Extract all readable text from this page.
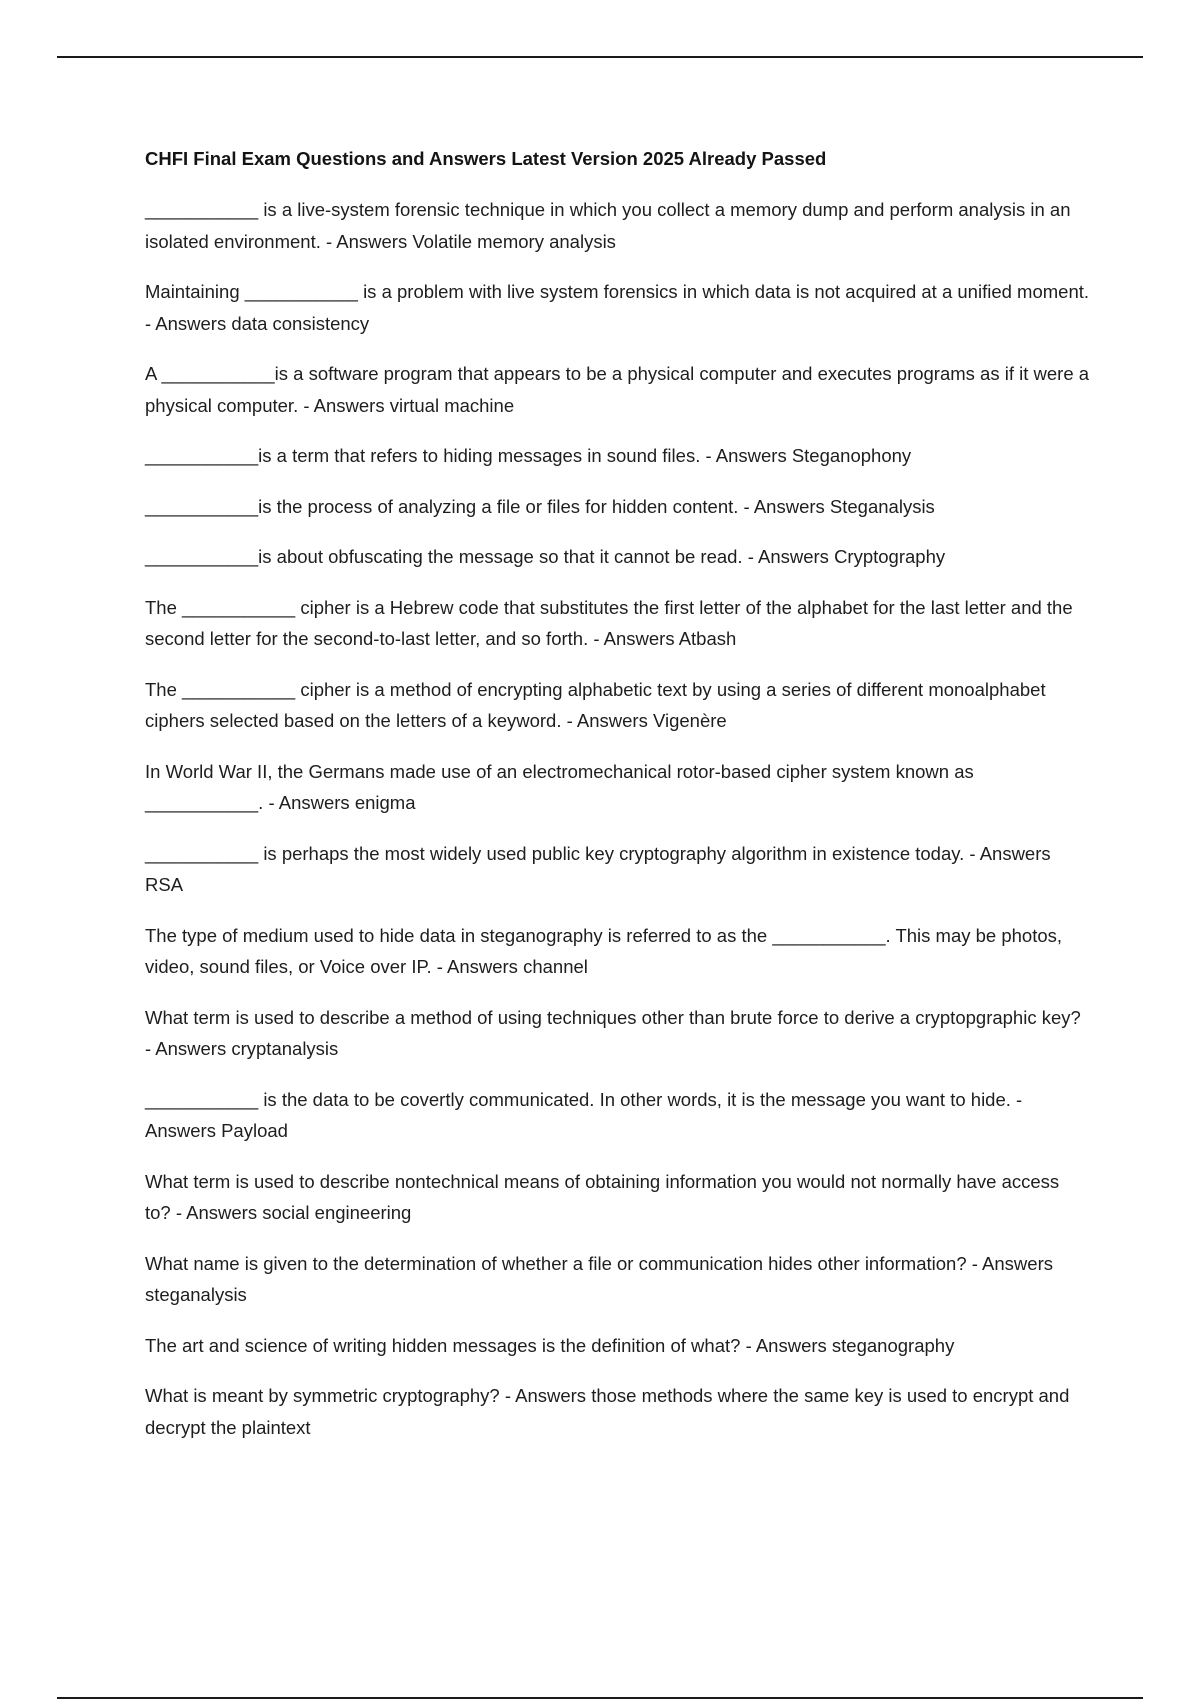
CHFI Final Exam Questions and Answers Latest Version 2025 Already Passed

___________ is a live-system forensic technique in which you collect a memory dump and perform analysis in an isolated environment. - Answers Volatile memory analysis

Maintaining ___________ is a problem with live system forensics in which data is not acquired at a unified moment. - Answers data consistency

A ___________is a software program that appears to be a physical computer and executes programs as if it were a physical computer. - Answers virtual machine

___________is a term that refers to hiding messages in sound files. - Answers Steganophony

___________is the process of analyzing a file or files for hidden content. - Answers Steganalysis

___________is about obfuscating the message so that it cannot be read. - Answers Cryptography

The ___________ cipher is a Hebrew code that substitutes the first letter of the alphabet for the last letter and the second letter for the second-to-last letter, and so forth. - Answers Atbash

The ___________ cipher is a method of encrypting alphabetic text by using a series of different monoalphabet ciphers selected based on the letters of a keyword. - Answers Vigenère

In World War II, the Germans made use of an electromechanical rotor-based cipher system known as ___________. - Answers enigma

___________ is perhaps the most widely used public key cryptography algorithm in existence today. - Answers RSA

The type of medium used to hide data in steganography is referred to as the ___________. This may be photos, video, sound files, or Voice over IP. - Answers channel

What term is used to describe a method of using techniques other than brute force to derive a cryptopgraphic key? - Answers cryptanalysis

___________ is the data to be covertly communicated. In other words, it is the message you want to hide. - Answers Payload

What term is used to describe nontechnical means of obtaining information you would not normally have access to? - Answers social engineering

What name is given to the determination of whether a file or communication hides other information? - Answers steganalysis

The art and science of writing hidden messages is the definition of what? - Answers steganography

What is meant by symmetric cryptography? - Answers those methods where the same key is used to encrypt and decrypt the plaintext
